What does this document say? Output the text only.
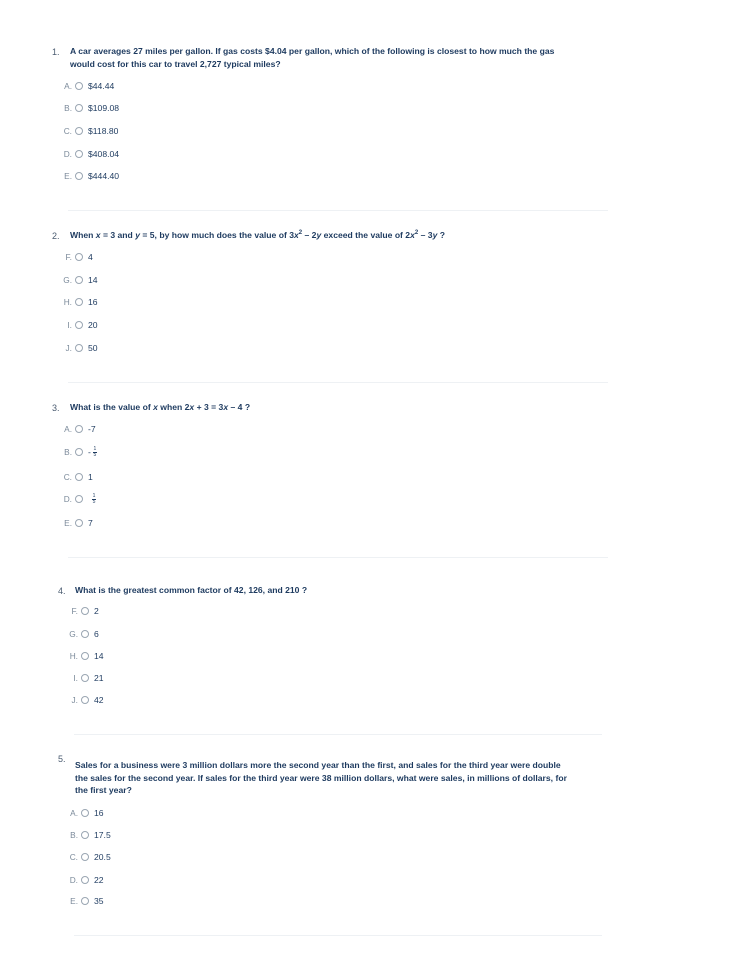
1. A car averages 27 miles per gallon. If gas costs $4.04 per gallon, which of the following is closest to how much the gas
would cost for this car to travel 2,727 typical miles?
A. $44.44
B. $109.08
C. $118.80
D. $408.04
E. $444.40
2. When x = 3 and y = 5, by how much does the value of $3x^2 - 2y$ exceed the value of $2x^2 - 3y$ ?
F. 4
G. 14
H. 16
I. 20
J. 50
3. What is the value of x when 2x + 3 = 3x – 4 ?
A. -7
B. - $\frac{1}{5}$
C. 1
D.	$\frac{1}{5}$
E. 7
4. What is the greatest common factor of 42, 126, and 210 ?
F. 2
G. 6
H. 14
I. 21
J. 42
5.
Sales for a business were 3 million dollars more the second year than the first, and sales for the third year were double
the sales for the second year. If sales for the third year were 38 million dollars, what were sales, in millions of dollars, for
the first year?
A. 16
B. 17.5
C. 20.5
D. 22
E. 35
